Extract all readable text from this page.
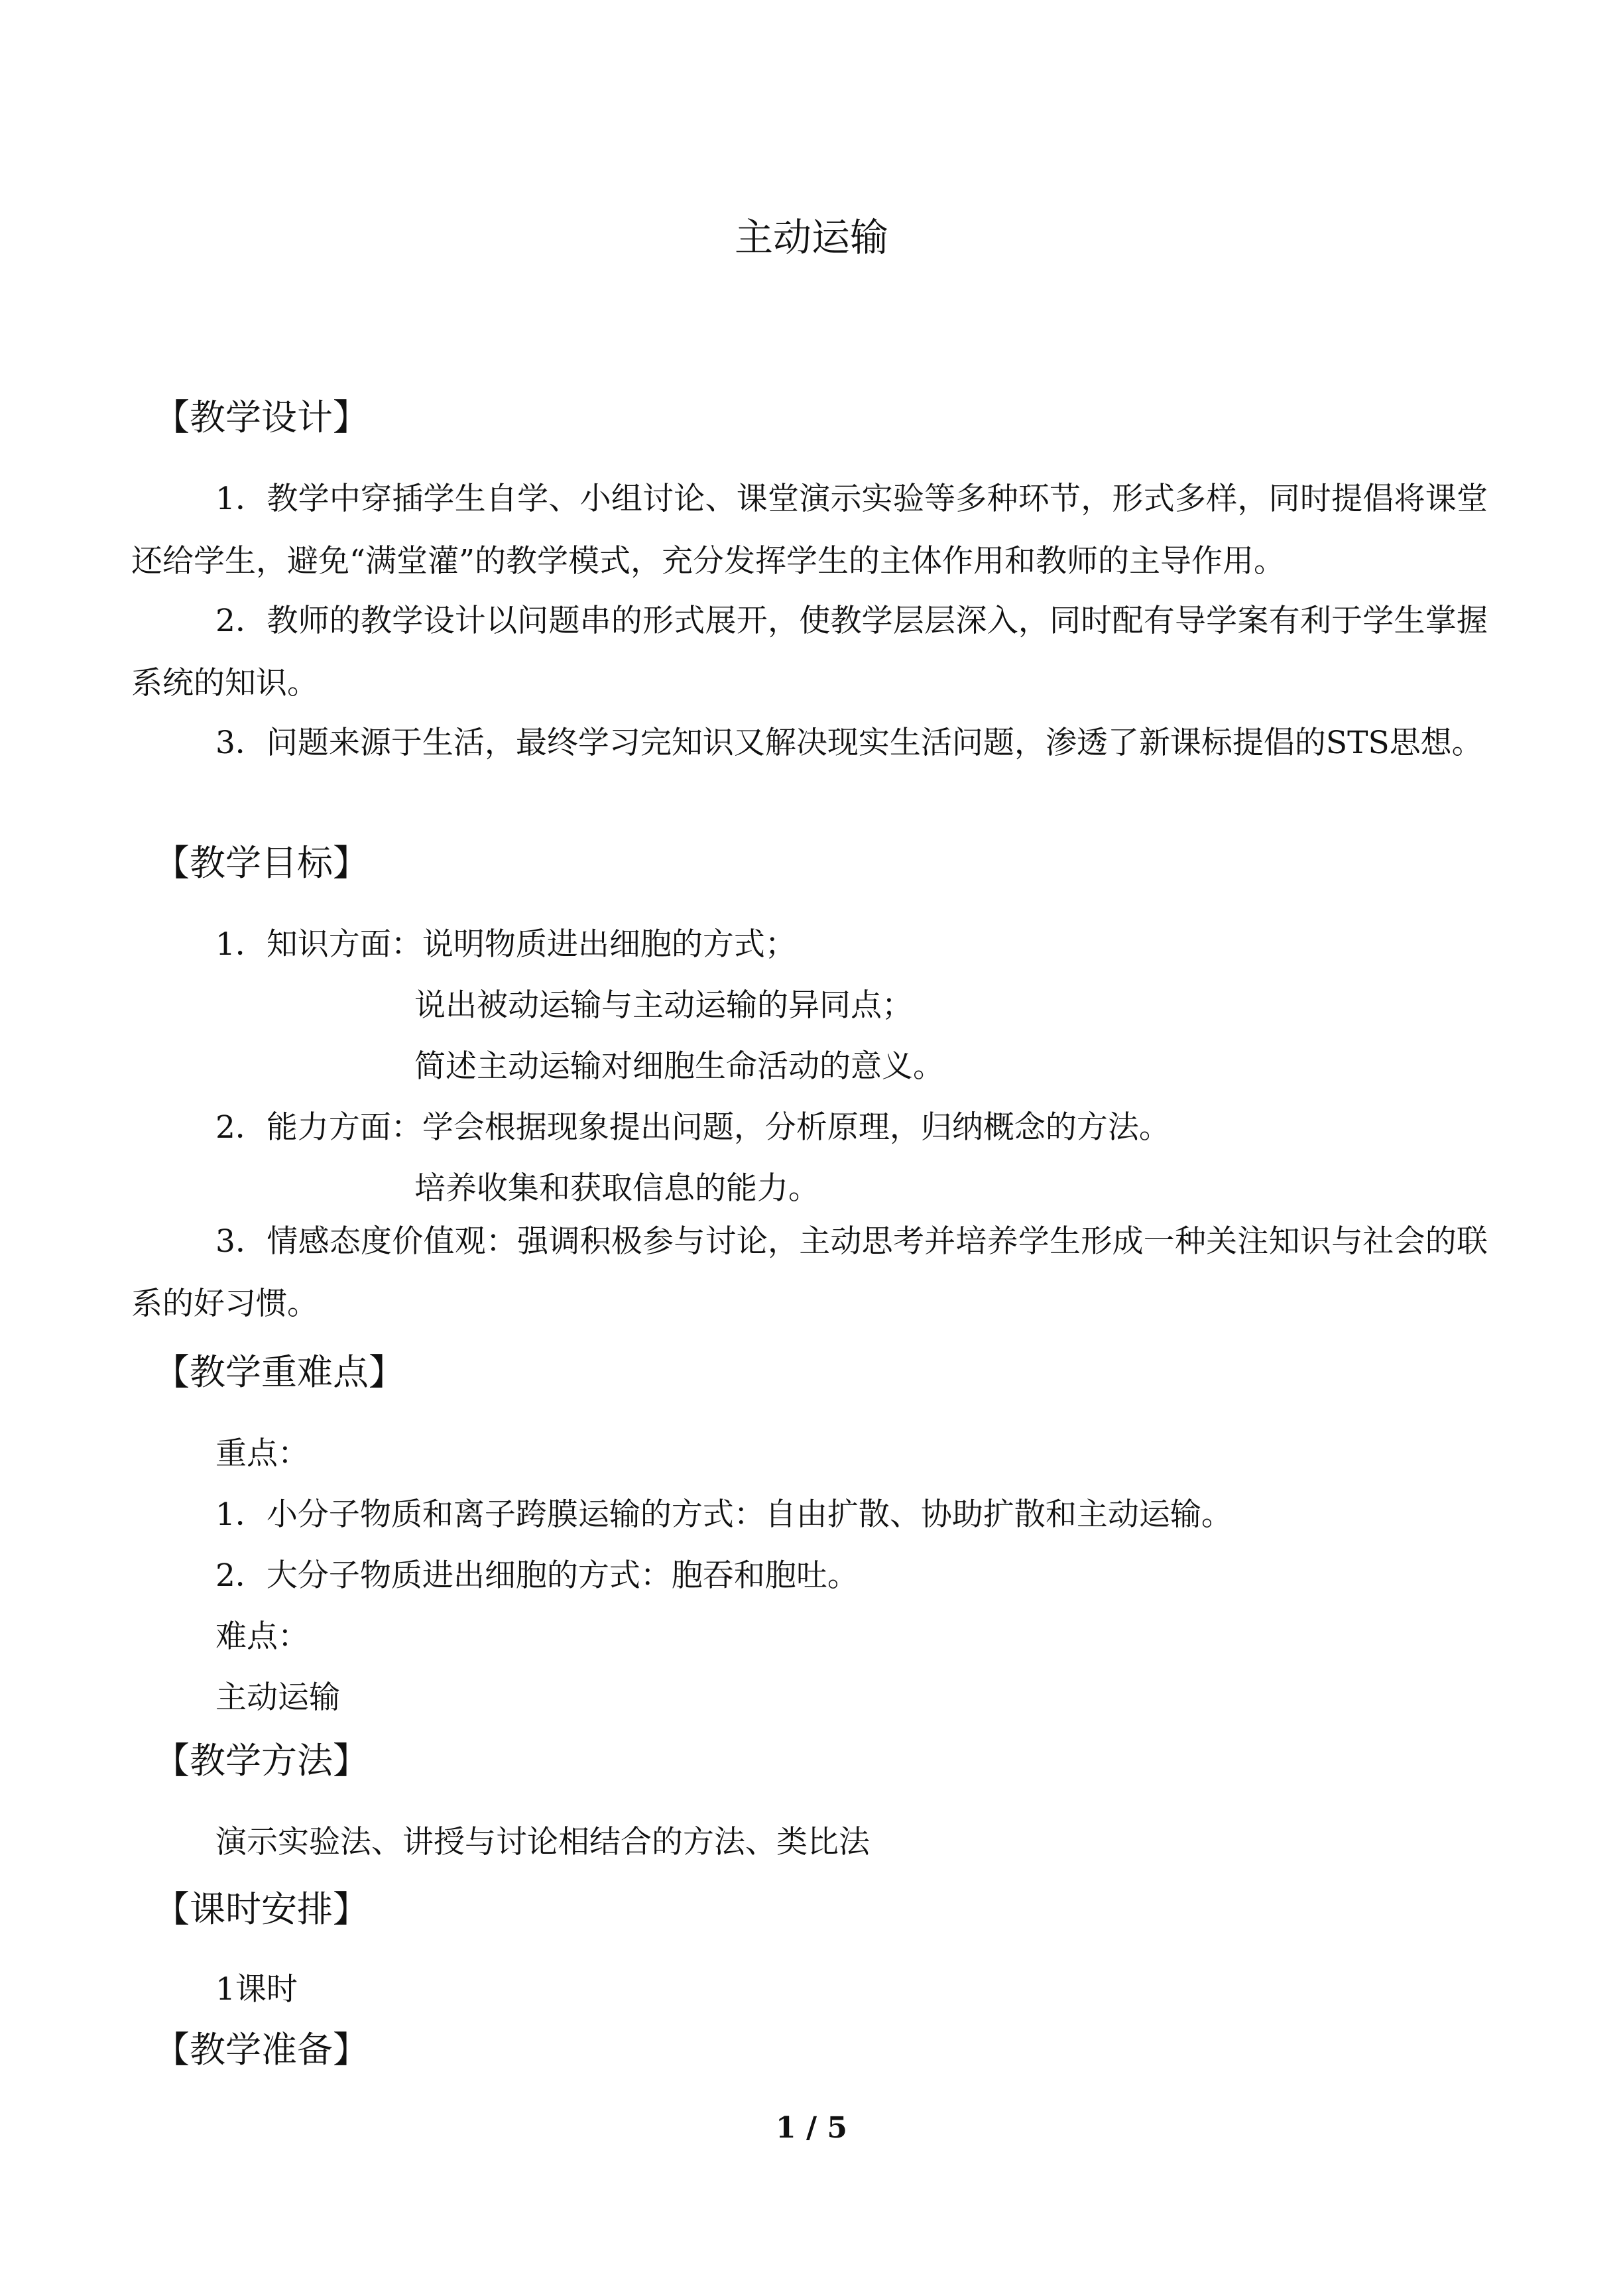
主动运输
【教学设计】
1．教学中穿插学生自学、小组讨论、课堂演示实验等多种环节，形式多样，同时提倡将课堂还给学生，避免“满堂灌”的教学模式，充分发挥学生的主体作用和教师的主导作用。
2．教师的教学设计以问题串的形式展开，使教学层层深入，同时配有导学案有利于学生掌握系统的知识。
3．问题来源于生活，最终学习完知识又解决现实生活问题，渗透了新课标提倡的STS思想。
【教学目标】
1．知识方面：说明物质进出细胞的方式；
说出被动运输与主动运输的异同点；
简述主动运输对细胞生命活动的意义。
2．能力方面：学会根据现象提出问题，分析原理，归纳概念的方法。
培养收集和获取信息的能力。
3．情感态度价值观：强调积极参与讨论，主动思考并培养学生形成一种关注知识与社会的联系的好习惯。
【教学重难点】
重点：
1．小分子物质和离子跨膜运输的方式：自由扩散、协助扩散和主动运输。
2．大分子物质进出细胞的方式：胞吞和胞吐。
难点：
主动运输
【教学方法】
演示实验法、讲授与讨论相结合的方法、类比法
【课时安排】
1课时
【教学准备】
1 / 5
